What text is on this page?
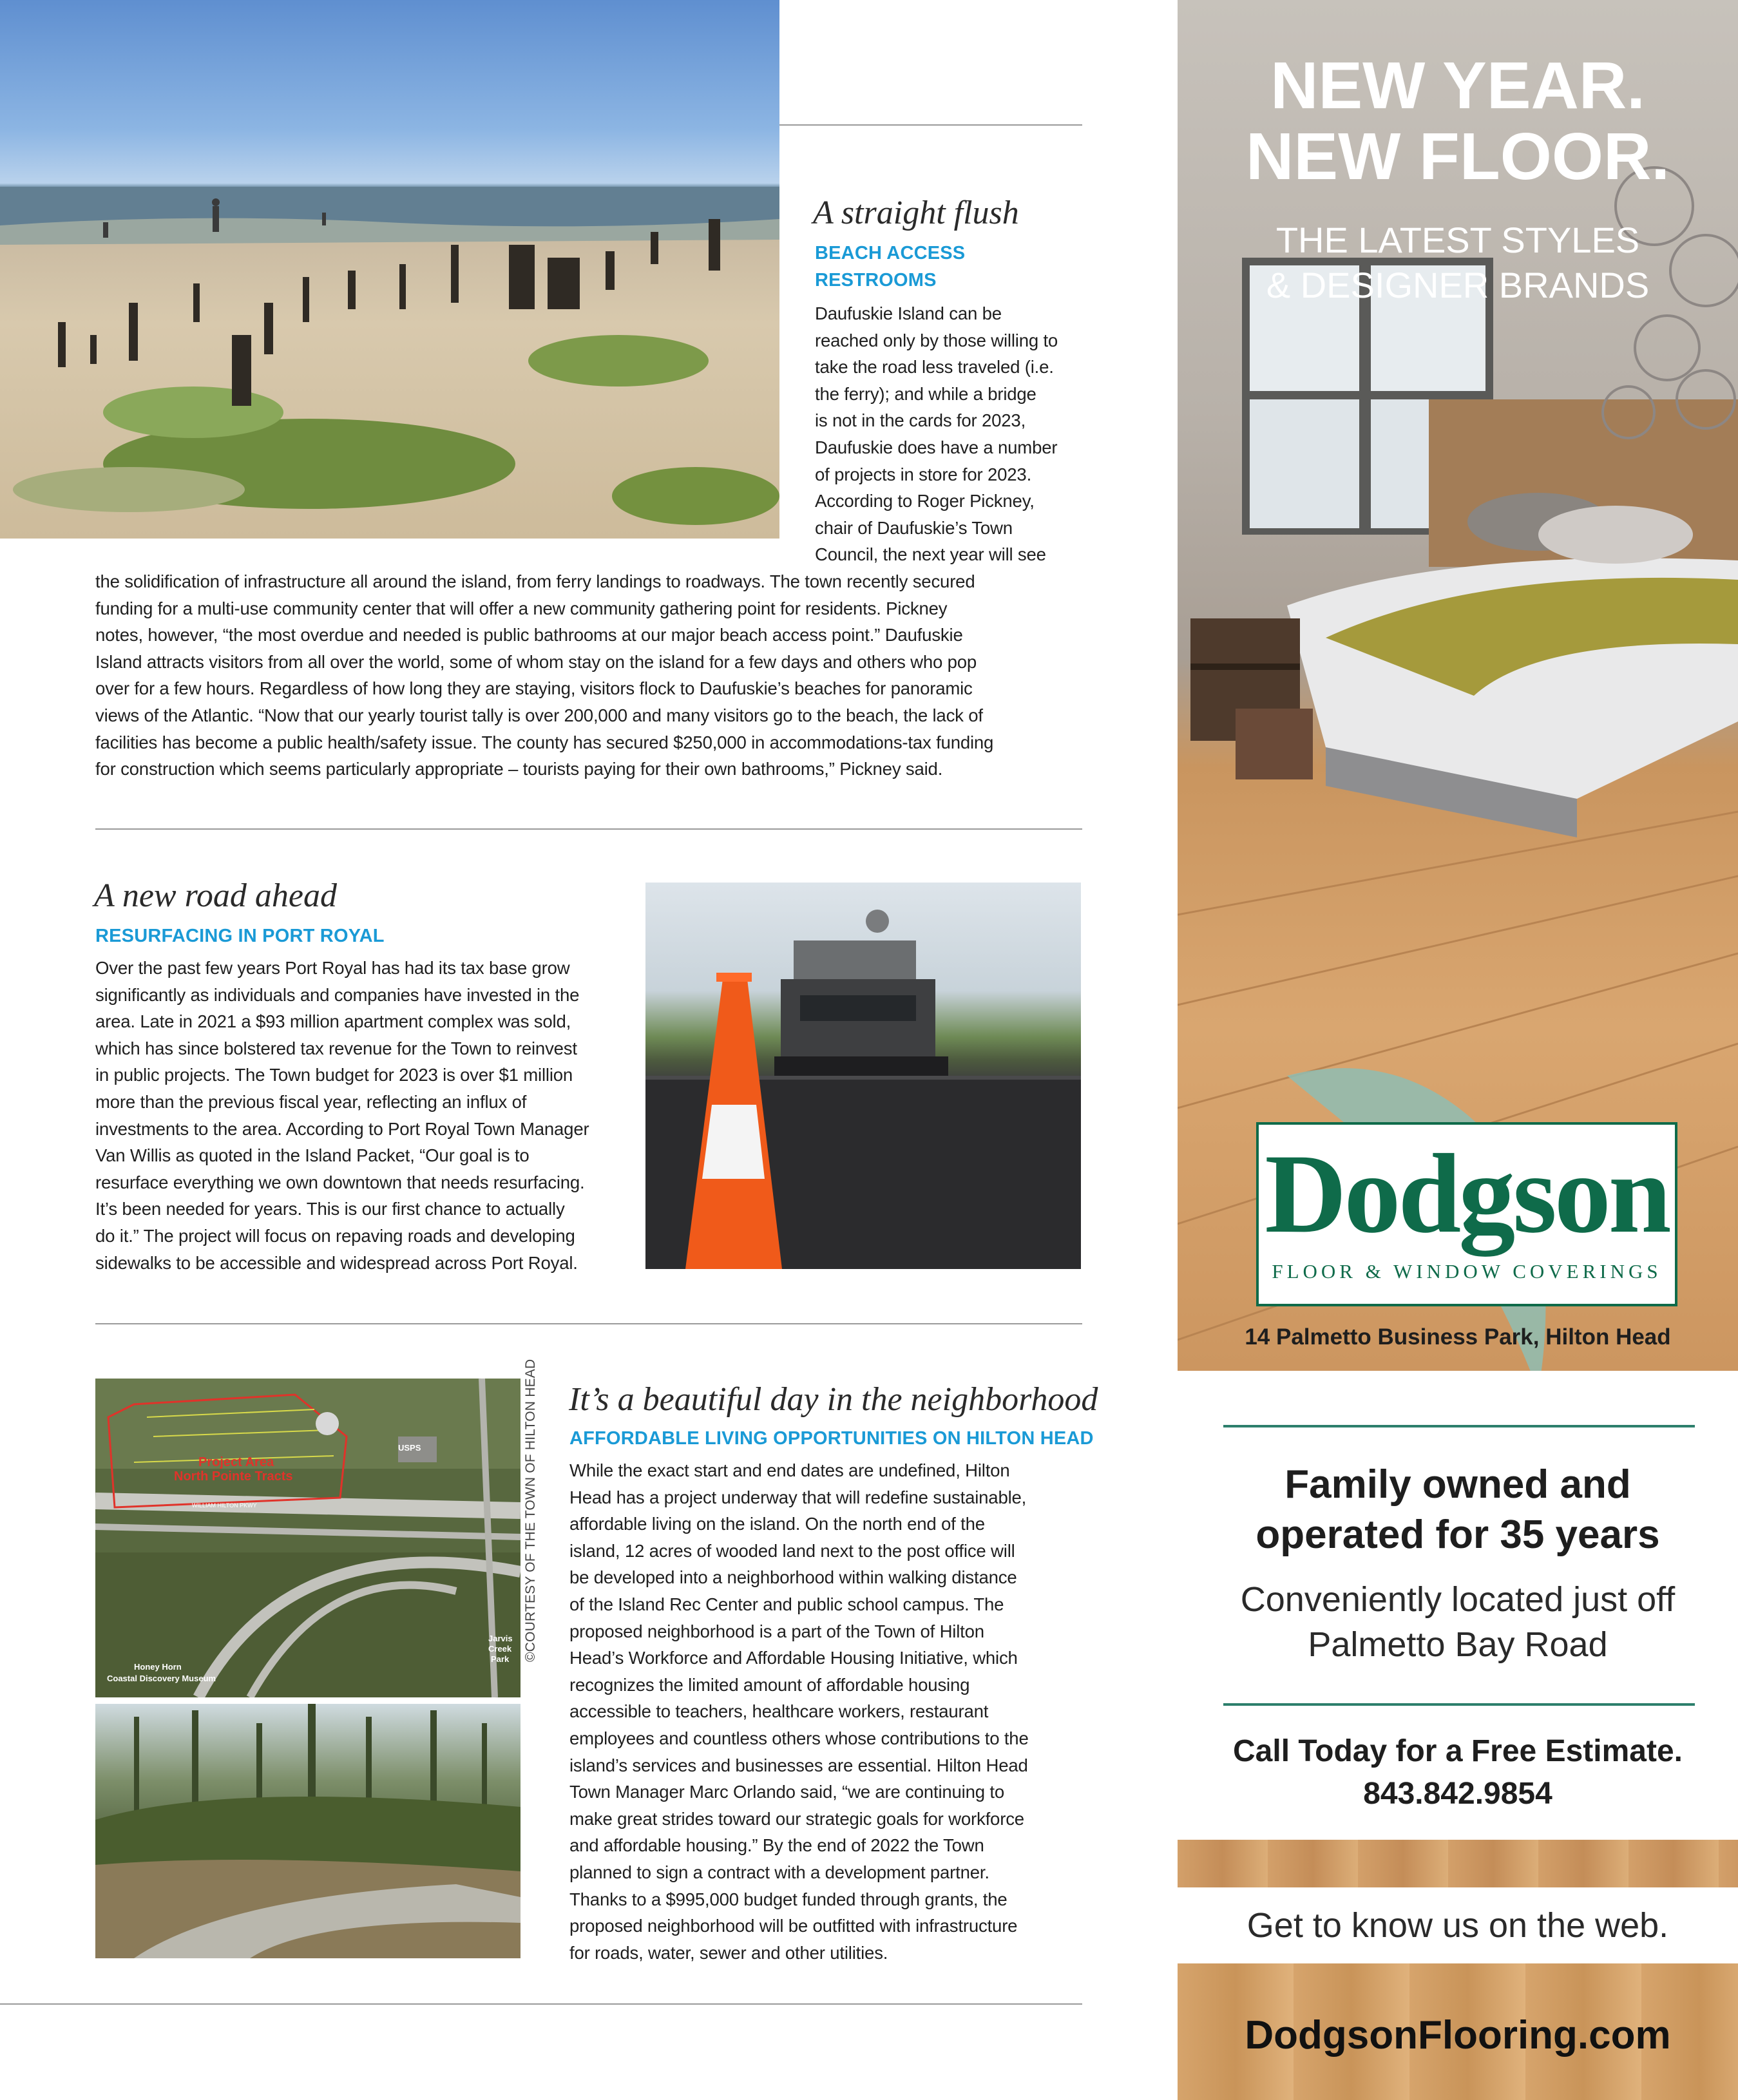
A straight flush
BEACH ACCESS
RESTROOMS

Daufuskie Island can be

reached only by those willing to

take the road less traveled (i.e.

the ferry); and while a bridge

is not in the cards for 2023,

Daufuskie does have a number

of projects in store for 2023.

According to Roger Pickney,

chair of Daufuskie’s Town

Council, the next year will see

the solidification of infrastructure all around the island, from ferry landings to roadways. The town recently secured

funding for a multi-use community center that will offer a new community gathering point for residents. Pickney

notes, however, “the most overdue and needed is public bathrooms at our major beach access point.” Daufuskie

Island attracts visitors from all over the world, some of whom stay on the island for a few days and others who pop

over for a few hours. Regardless of how long they are staying, visitors flock to Daufuskie’s beaches for panoramic

views of the Atlantic. “Now that our yearly tourist tally is over 200,000 and many visitors go to the beach, the lack of

facilities has become a public health/safety issue. The county has secured $250,000 in accommodations-tax funding

for construction which seems particularly appropriate – tourists paying for their own bathrooms,” Pickney said.

A new road ahead
RESURFACING IN PORT ROYAL

Over the past few years Port Royal has had its tax base grow

significantly as individuals and companies have invested in the

area. Late in 2021 a $93 million apartment complex was sold,

which has since bolstered tax revenue for the Town to reinvest

in public projects. The Town budget for 2023 is over $1 million

more than the previous fiscal year, reflecting an influx of

investments to the area. According to Port Royal Town Manager

Van Willis as quoted in the Island Packet, “Our goal is to

resurface everything we own downtown that needs resurfacing.

It’s been needed for years. This is our first chance to actually

do it.” The project will focus on repaving roads and developing

sidewalks to be accessible and widespread across Port Royal.

Project Area
North Pointe Tracts
USPS
WILLIAM HILTON PKWY
Honey Horn
Coastal Discovery Museum
Jarvis
Creek
Park ©COURTESY OF THE TOWN OF HILTON HEAD It’s a beautiful day in the neighborhood
AFFORDABLE LIVING OPPORTUNITIES ON HILTON HEAD

While the exact start and end dates are undefined, Hilton

Head has a project underway that will redefine sustainable,

affordable living on the island. On the north end of the

island, 12 acres of wooded land next to the post office will

be developed into a neighborhood within walking distance

of the Island Rec Center and public school campus. The

proposed neighborhood is a part of the Town of Hilton

Head’s Workforce and Affordable Housing Initiative, which

recognizes the limited amount of affordable housing

accessible to teachers, healthcare workers, restaurant

employees and countless others whose contributions to the

island’s services and businesses are essential. Hilton Head

Town Manager Marc Orlando said, “we are continuing to

make great strides toward our strategic goals for workforce

and affordable housing.” By the end of 2022 the Town

planned to sign a contract with a development partner.

Thanks to a $995,000 budget funded through grants, the

proposed neighborhood will be outfitted with infrastructure

for roads, water, sewer and other utilities.

NEW YEAR.
NEW FLOOR.
THE LATEST STYLES
& DESIGNER BRANDS
Dodgson
FLOOR & WINDOW COVERINGS
14 Palmetto Business Park, Hilton Head
Family owned and
operated for 35 years
Conveniently located just off
Palmetto Bay Road
Call Today for a Free Estimate.
843.842.9854
Get to know us on the web.
DodgsonFlooring.com
